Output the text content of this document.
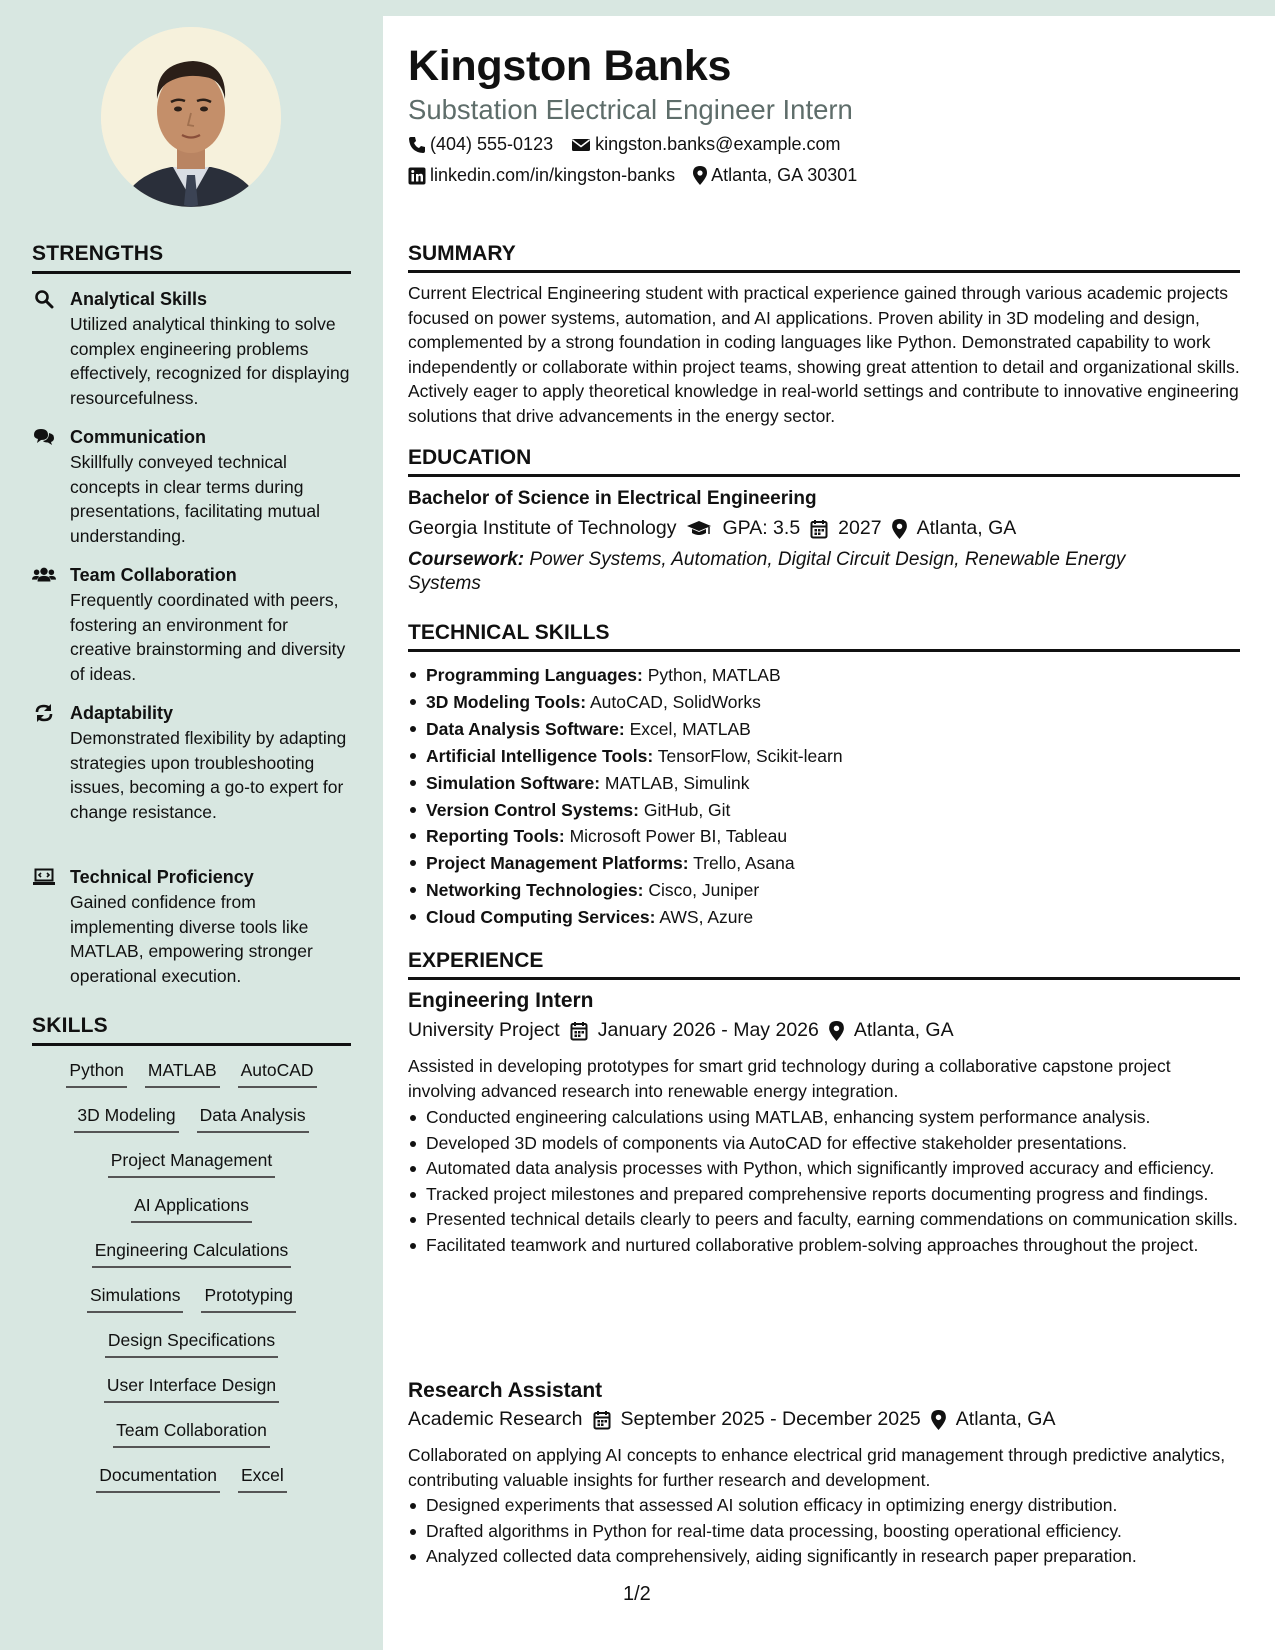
STRENGTHS
Analytical Skills
Utilized analytical thinking to solve complex engineering problems effectively, recognized for displaying resourcefulness.
Communication
Skillfully conveyed technical concepts in clear terms during presentations, facilitating mutual understanding.
Team Collaboration
Frequently coordinated with peers, fostering an environment for creative brainstorming and diversity of ideas.
Adaptability
Demonstrated flexibility by adapting strategies upon troubleshooting issues, becoming a go-to expert for change resistance.
Technical Proficiency
Gained confidence from implementing diverse tools like MATLAB, empowering stronger operational execution.
SKILLS
Python MATLAB AutoCAD
3D Modeling Data Analysis
Project Management
AI Applications
Engineering Calculations
Simulations Prototyping
Design Specifications
User Interface Design
Team Collaboration
Documentation Excel
Kingston Banks
Substation Electrical Engineer Intern
(404) 555-0123 kingston.banks@example.com
linkedin.com/in/kingston-banks Atlanta, GA 30301
SUMMARY
Current Electrical Engineering student with practical experience gained through various academic projects focused on power systems, automation, and AI applications. Proven ability in 3D modeling and design, complemented by a strong foundation in coding languages like Python. Demonstrated capability to work independently or collaborate within project teams, showing great attention to detail and organizational skills. Actively eager to apply theoretical knowledge in real-world settings and contribute to innovative engineering solutions that drive advancements in the energy sector.
EDUCATION
Bachelor of Science in Electrical Engineering
Georgia Institute of Technology GPA: 3.5 2027 Atlanta, GA
Coursework: Power Systems, Automation, Digital Circuit Design, Renewable Energy Systems
TECHNICAL SKILLS
Programming Languages: Python, MATLAB
3D Modeling Tools: AutoCAD, SolidWorks
Data Analysis Software: Excel, MATLAB
Artificial Intelligence Tools: TensorFlow, Scikit-learn
Simulation Software: MATLAB, Simulink
Version Control Systems: GitHub, Git
Reporting Tools: Microsoft Power BI, Tableau
Project Management Platforms: Trello, Asana
Networking Technologies: Cisco, Juniper
Cloud Computing Services: AWS, Azure
EXPERIENCE
Engineering Intern
University Project January 2026 - May 2026 Atlanta, GA
Assisted in developing prototypes for smart grid technology during a collaborative capstone project involving advanced research into renewable energy integration.
Conducted engineering calculations using MATLAB, enhancing system performance analysis.
Developed 3D models of components via AutoCAD for effective stakeholder presentations.
Automated data analysis processes with Python, which significantly improved accuracy and efficiency.
Tracked project milestones and prepared comprehensive reports documenting progress and findings.
Presented technical details clearly to peers and faculty, earning commendations on communication skills.
Facilitated teamwork and nurtured collaborative problem-solving approaches throughout the project.
Research Assistant
Academic Research September 2025 - December 2025 Atlanta, GA
Collaborated on applying AI concepts to enhance electrical grid management through predictive analytics, contributing valuable insights for further research and development.
Designed experiments that assessed AI solution efficacy in optimizing energy distribution.
Drafted algorithms in Python for real-time data processing, boosting operational efficiency.
Analyzed collected data comprehensively, aiding significantly in research paper preparation.
1/2
